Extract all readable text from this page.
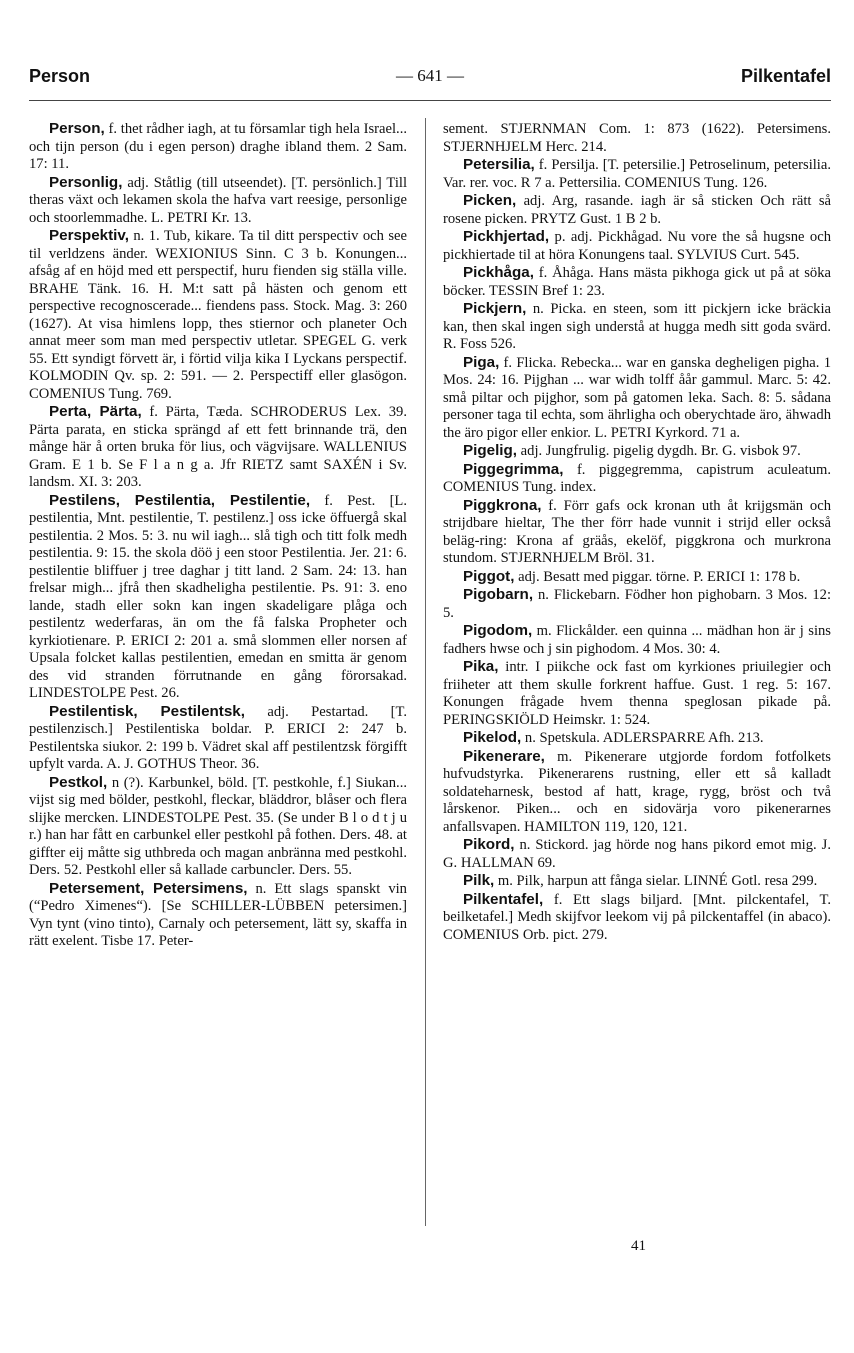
Person	— 641 —	Pilkentafel

Person, f. thet rådher iagh, at tu församlar tigh hela Israel... och tijn person (du i egen person) draghe ibland them. 2 Sam. 17: 11.

Personlig, adj. Ståtlig (till utseendet). [T. persönlich.] Till theras växt och lekamen skola the hafva vart reesige, personlige och stoorlemmadhe. L. PETRI Kr. 13.

Perspektiv, n. 1. Tub, kikare. Ta til ditt perspectiv och see til verldzens änder. WEXIONIUS Sinn. C 3 b. Konungen... afsåg af en höjd med ett perspectif, huru fienden sig ställa ville. BRAHE Tänk. 16. H. M:t satt på hästen och genom ett perspective recognoscerade... fiendens pass. Stock. Mag. 3: 260 (1627). At visa himlens lopp, thes stiernor och planeter Och annat meer som man med perspectiv utletar. SPEGEL G. verk 55. Ett syndigt förvett är, i förtid vilja kika I Lyckans perspectif. KOLMODIN Qv. sp. 2: 591. — 2. Perspectiff eller glasögon. COMENIUS Tung. 769.

Perta, Pärta, f. Pärta, Tæda. SCHRODERUS Lex. 39. Pärta parata, en sticka sprängd af ett fett brinnande trä, den månge här å orten bruka för lius, och vägvijsare. WALLENIUS Gram. E 1 b. Se F l a n g a. Jfr RIETZ samt SAXÉN i Sv. landsm. XI. 3: 203.

Pestilens, Pestilentia, Pestilentie, f. Pest. [L. pestilentia, Mnt. pestilentie, T. pestilenz.] oss icke öffuergå skal pestilentia. 2 Mos. 5: 3. nu wil iagh... slå tigh och titt folk medh pestilentia. 9: 15. the skola döö j een stoor Pestilentia. Jer. 21: 6. pestilentie bliffuer j tree daghar j titt land. 2 Sam. 24: 13. han frelsar migh... jfrå then skadheligha pestilentie. Ps. 91: 3. eno lande, stadh eller sokn kan ingen skadeligare plåga och pestilentz wederfaras, än om the få falska Propheter och kyrkiotienare. P. ERICI 2: 201 a. små slommen eller norsen af Upsala folcket kallas pestilentien, emedan en smitta är genom des vid stranden förrutnande en gång förorsakad. LINDESTOLPE Pest. 26.

Pestilentisk, Pestilentsk, adj. Pestartad. [T. pestilenzisch.] Pestilentiska boldar. P. ERICI 2: 247 b. Pestilentska siukor. 2: 199 b. Vädret skal aff pestilentzsk förgifft upfylt varda. A. J. GOTHUS Theor. 36.

Pestkol, n (?). Karbunkel, böld. [T. pestkohle, f.] Siukan... vijst sig med bölder, pestkohl, fleckar, bläddror, blåser och flera slijke mercken. LINDESTOLPE Pest. 35. (Se under B l o d t j u r.) han har fått en carbunkel eller pestkohl på fothen. Ders. 48. at giffter eij måtte sig uthbreda och magan anbränna med pestkohl. Ders. 52. Pestkohl eller så kallade carbuncler. Ders. 55.

Petersement, Petersimens, n. Ett slags spanskt vin (“Pedro Ximenes“). [Se SCHILLER-LÜBBEN petersimen.] Vyn tynt (vino tinto), Carnaly och petersement, lätt sy, skaffa in rätt exelent. Tisbe 17. Peter-

sement. STJERNMAN Com. 1: 873 (1622). Petersimens. STJERNHJELM Herc. 214.

Petersilia, f. Persilja. [T. petersilie.] Petroselinum, petersilia. Var. rer. voc. R 7 a. Pettersilia. COMENIUS Tung. 126.

Picken, adj. Arg, rasande. iagh är så sticken Och rätt så rosene picken. PRYTZ Gust. 1 B 2 b.

Pickhjertad, p. adj. Pickhågad. Nu vore the så hugsne och pickhiertade til at höra Konungens taal. SYLVIUS Curt. 545.

Pickhåga, f. Åhåga. Hans mästa pikhoga gick ut på at söka böcker. TESSIN Bref 1: 23.

Pickjern, n. Picka. en steen, som itt pickjern icke bräckia kan, then skal ingen sigh understå at hugga medh sitt goda svärd. R. Foss 526.

Piga, f. Flicka. Rebecka... war en ganska degheligen pigha. 1 Mos. 24: 16. Pijghan ... war widh tolff åår gammul. Marc. 5: 42. små piltar och pijghor, som på gatomen leka. Sach. 8: 5. sådana personer taga til echta, som ährligha och oberychtade äro, ähwadh the äro pigor eller enkior. L. PETRI Kyrkord. 71 a.

Pigelig, adj. Jungfrulig. pigelig dygdh. Br. G. visbok 97.

Piggegrimma, f. piggegremma, capistrum aculeatum. COMENIUS Tung. index.

Piggkrona, f. Förr gafs ock kronan uth åt krijgsmän och strijdbare hieltar, The ther förr hade vunnit i strijd eller också beläg-ring: Krona af gräås, ekelöf, piggkrona och murkrona stundom. STJERNHJELM Bröl. 31.

Piggot, adj. Besatt med piggar. törne. P. ERICI 1: 178 b.

Pigobarn, n. Flickebarn. Födher hon pighobarn. 3 Mos. 12: 5.

Pigodom, m. Flickålder. een quinna ... mädhan hon är j sins fadhers hwse och j sin pighodom. 4 Mos. 30: 4.

Pika, intr. I piikche ock fast om kyrkiones priuilegier och friiheter att them skulle forkrent haffue. Gust. 1 reg. 5: 167. Konungen frågade hvem thenna speglosan pikade på. PERINGSKIÖLD Heimskr. 1: 524.

Pikelod, n. Spetskula. ADLERSPARRE Afh. 213.

Pikenerare, m. Pikenerare utgjorde fordom fotfolkets hufvudstyrka. Pikenerarens rustning, eller ett så kalladt soldateharnesk, bestod af hatt, krage, rygg, bröst och två lårskenor. Piken... och en sidovärja voro pikenerarnes anfallsvapen. HAMILTON 119, 120, 121.

Pikord, n. Stickord. jag hörde nog hans pikord emot mig. J. G. HALLMAN 69.

Pilk, m. Pilk, harpun att fånga sielar. LINNÉ Gotl. resa 299.

Pilkentafel, f. Ett slags biljard. [Mnt. pilckentafel, T. beilketafel.] Medh skijfvor leekom vij på pilckentaffel (in abaco). COMENIUS Orb. pict. 279.

41
